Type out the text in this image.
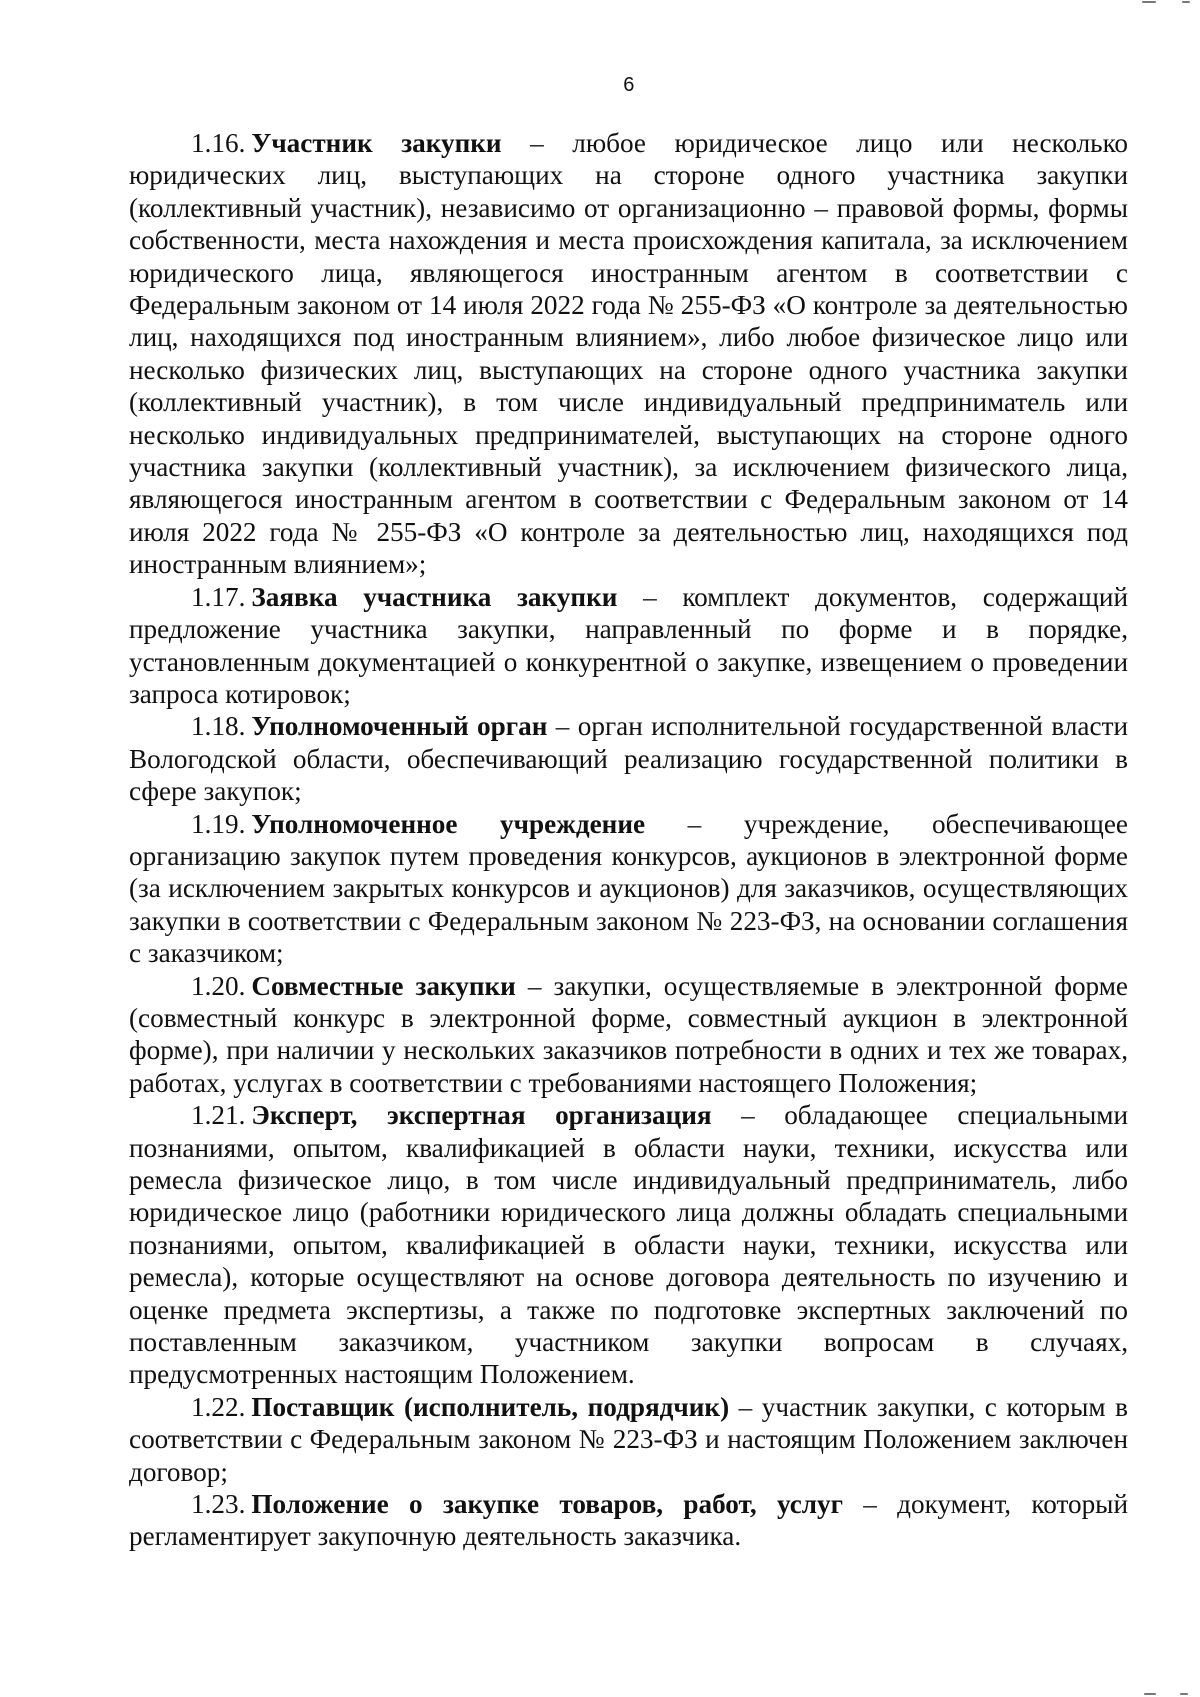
6

1.16. Участник закупки – любое юридическое лицо или несколько юридических лиц, выступающих на стороне одного участника закупки (коллективный участник), независимо от организационно – правовой формы, формы собственности, места нахождения и места происхождения капитала, за исключением юридического лица, являющегося иностранным агентом в соответствии с Федеральным законом от 14 июля 2022 года № 255-ФЗ «О контроле за деятельностью лиц, находящихся под иностранным влиянием», либо любое физическое лицо или несколько физических лиц, выступающих на стороне одного участника закупки (коллективный участник), в том числе индивидуальный предприниматель или несколько индивидуальных предпринимателей, выступающих на стороне одного участника закупки (коллективный участник), за исключением физического лица, являющегося иностранным агентом в соответствии с Федеральным законом от 14 июля 2022 года № 255-ФЗ «О контроле за деятельностью лиц, находящихся под иностранным влиянием»;

1.17. Заявка участника закупки – комплект документов, содержащий предложение участника закупки, направленный по форме и в порядке, установленным документацией о конкурентной о закупке, извещением о проведении запроса котировок;

1.18. Уполномоченный орган – орган исполнительной государственной власти Вологодской области, обеспечивающий реализацию государственной политики в сфере закупок;

1.19. Уполномоченное учреждение – учреждение, обеспечивающее организацию закупок путем проведения конкурсов, аукционов в электронной форме (за исключением закрытых конкурсов и аукционов) для заказчиков, осуществляющих закупки в соответствии с Федеральным законом № 223-ФЗ, на основании соглашения с заказчиком;

1.20. Совместные закупки – закупки, осуществляемые в электронной форме (совместный конкурс в электронной форме, совместный аукцион в электронной форме), при наличии у нескольких заказчиков потребности в одних и тех же товарах, работах, услугах в соответствии с требованиями настоящего Положения;

1.21. Эксперт, экспертная организация – обладающее специальными познаниями, опытом, квалификацией в области науки, техники, искусства или ремесла физическое лицо, в том числе индивидуальный предприниматель, либо юридическое лицо (работники юридического лица должны обладать специальными познаниями, опытом, квалификацией в области науки, техники, искусства или ремесла), которые осуществляют на основе договора деятельность по изучению и оценке предмета экспертизы, а также по подготовке экспертных заключений по поставленным заказчиком, участником закупки вопросам в случаях, предусмотренных настоящим Положением.

1.22. Поставщик (исполнитель, подрядчик) – участник закупки, с которым в соответствии с Федеральным законом № 223-ФЗ и настоящим Положением заключен договор;

1.23. Положение о закупке товаров, работ, услуг – документ, который регламентирует закупочную деятельность заказчика.
